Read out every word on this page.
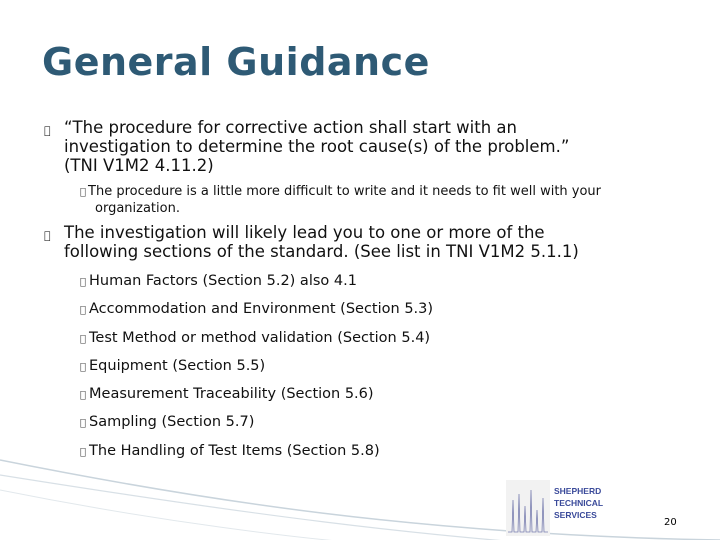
General Guidance
“The procedure for corrective action shall start with an
investigation to determine the root cause(s) of the problem.”
(TNI V1M2 4.11.2)
The procedure is a little more difficult to write and it needs to fit well with your
organization.
The investigation will likely lead you to one or more of the
following sections of the standard. (See list in TNI V1M2 5.1.1)
Human Factors (Section 5.2) also 4.1
Accommodation and Environment (Section 5.3)
Test Method or method validation (Section 5.4)
Equipment (Section 5.5)
Measurement Traceability (Section 5.6)
Sampling (Section 5.7)
The Handling of Test Items (Section 5.8)
SHEPHERD
TECHNICAL
SERVICES
20
